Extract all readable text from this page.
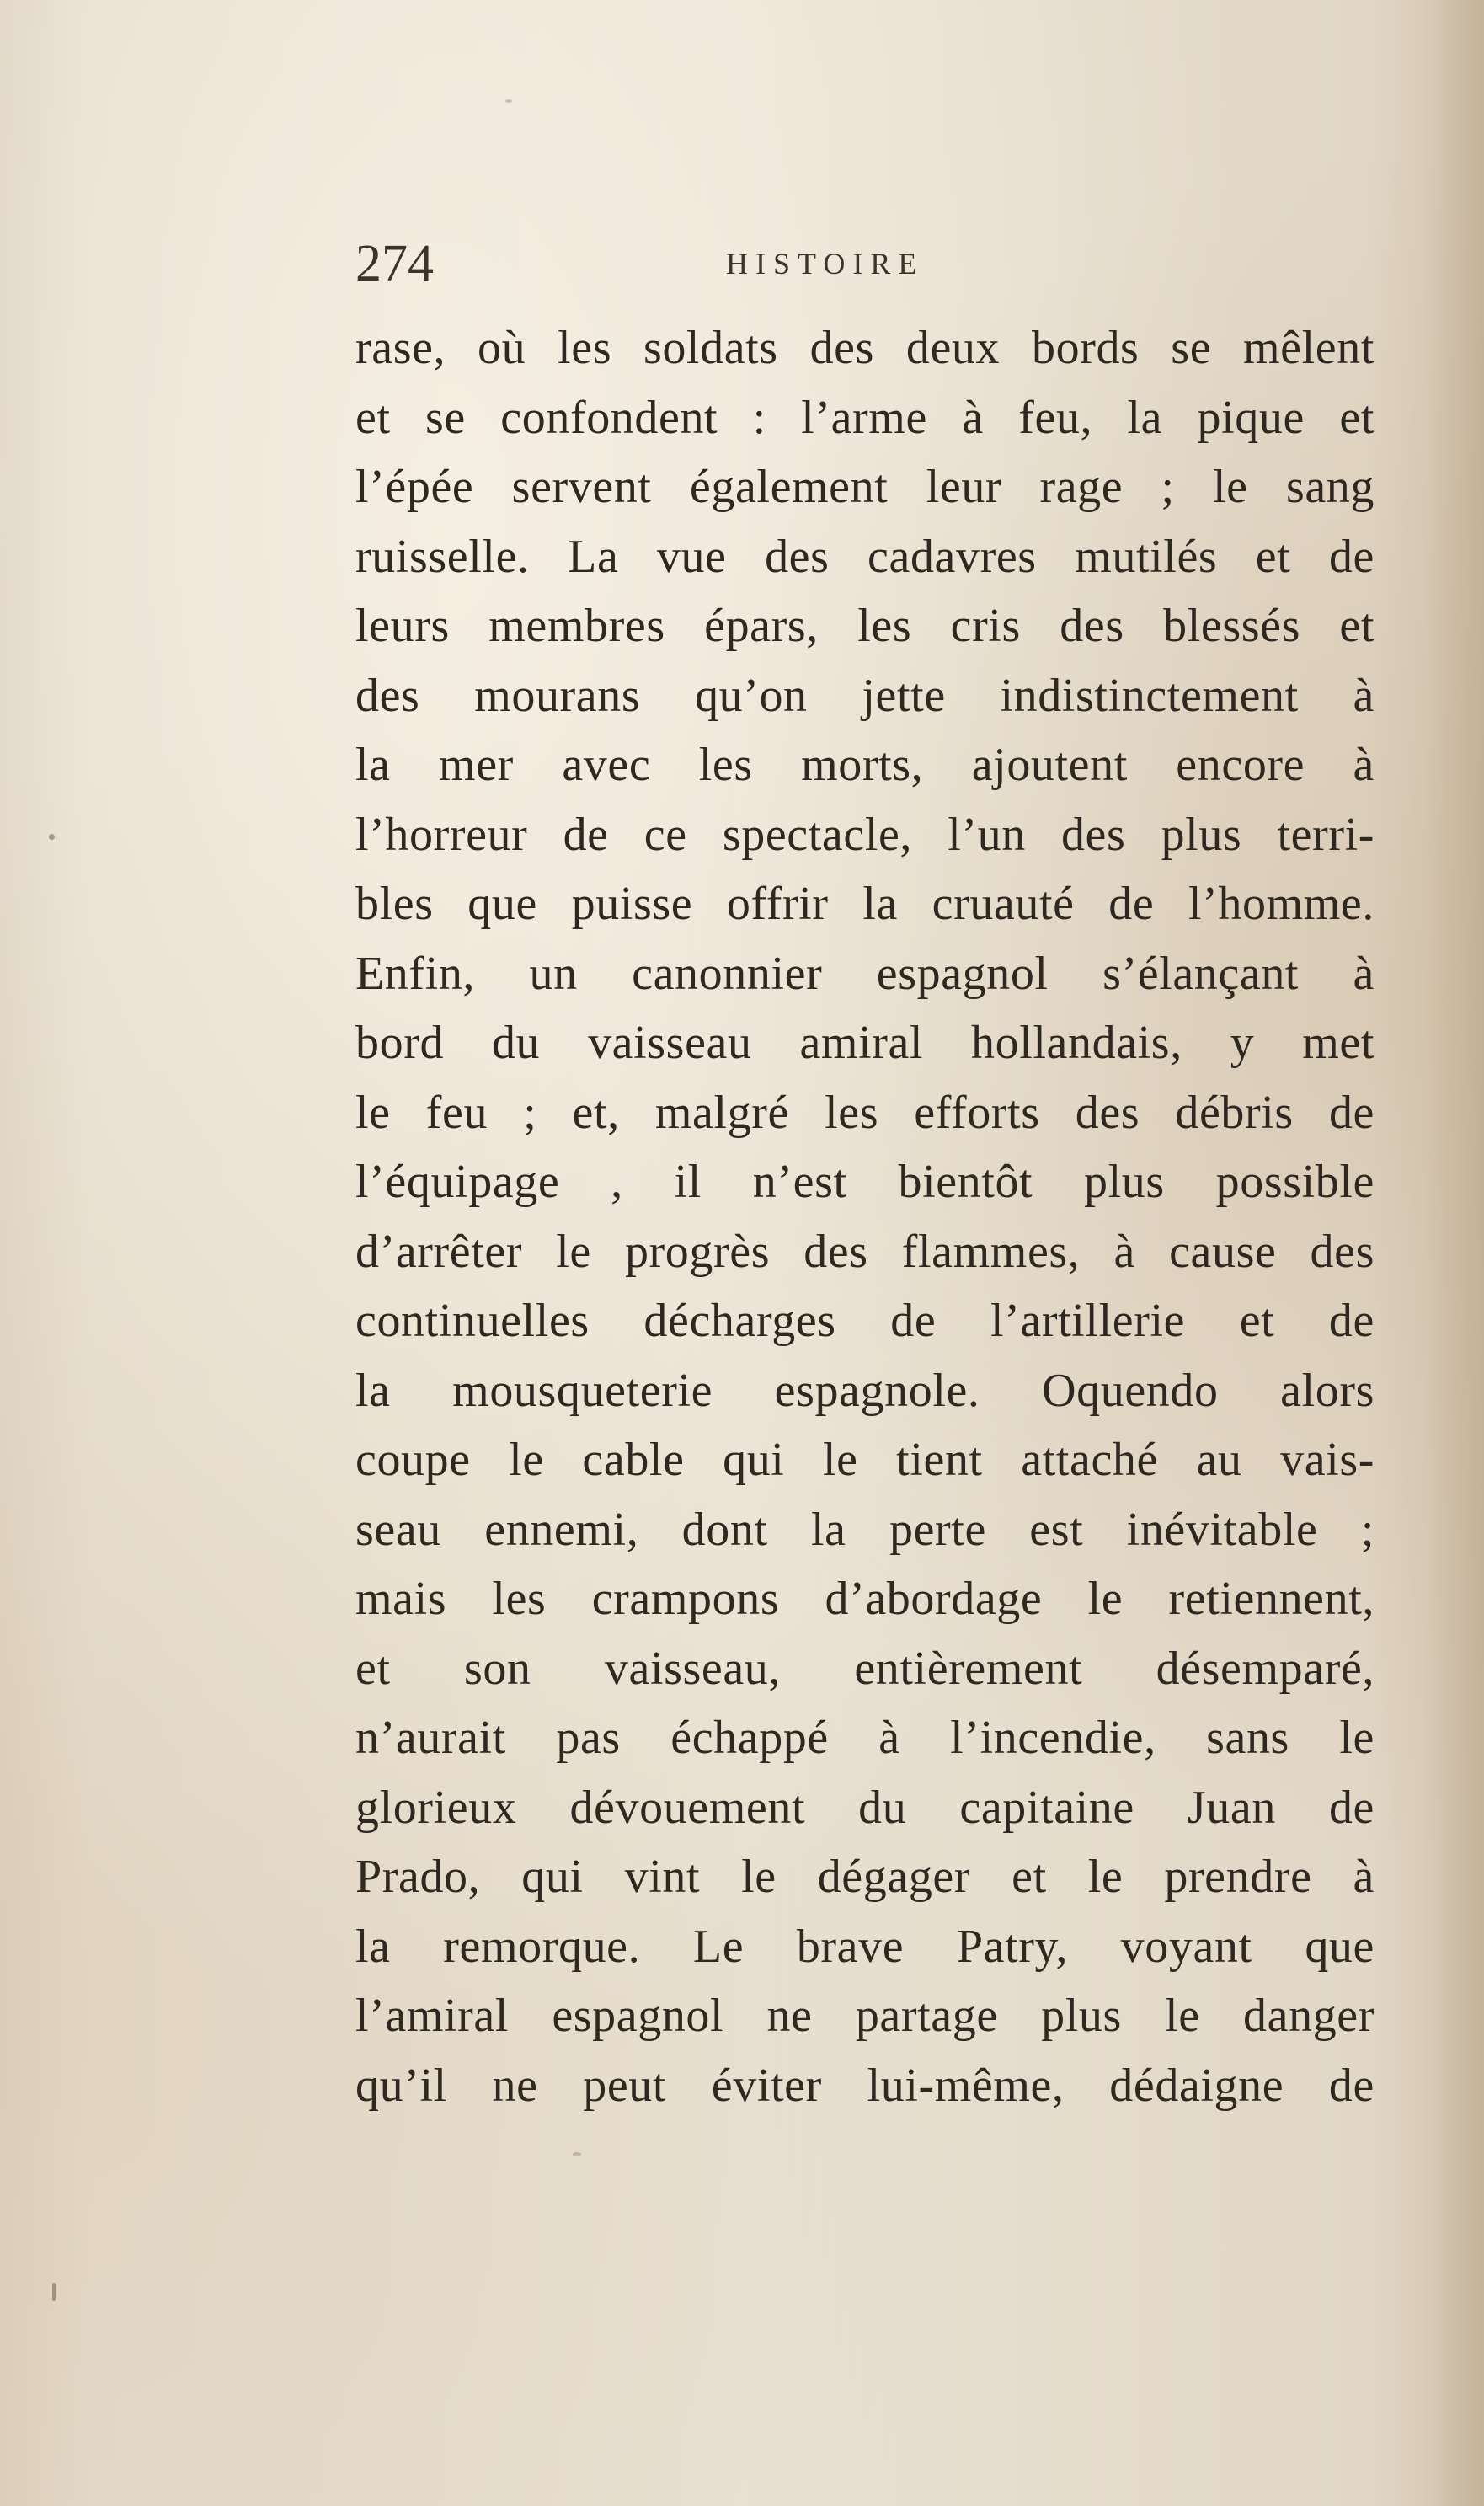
274	HISTOIRE
rase, où les soldats des deux bords se mêlent
et se confondent : l’arme à feu, la pique et
l’épée servent également leur rage ; le sang
ruisselle. La vue des cadavres mutilés et de
leurs membres épars, les cris des blessés et
des mourans qu’on jette indistinctement à
la mer avec les morts, ajoutent encore à
l’horreur de ce spectacle, l’un des plus terri-
bles que puisse offrir la cruauté de l’homme.
Enfin, un canonnier espagnol s’élançant à
bord du vaisseau amiral hollandais, y met
le feu ; et, malgré les efforts des débris de
l’équipage , il n’est bientôt plus possible
d’arrêter le progrès des flammes, à cause des
continuelles décharges de l’artillerie et de
la mousqueterie espagnole. Oquendo alors
coupe le cable qui le tient attaché au vais-
seau ennemi, dont la perte est inévitable ;
mais les crampons d’abordage le retiennent,
et son vaisseau, entièrement désemparé,
n’aurait pas échappé à l’incendie, sans le
glorieux dévouement du capitaine Juan de
Prado, qui vint le dégager et le prendre à
la remorque. Le brave Patry, voyant que
l’amiral espagnol ne partage plus le danger
qu’il ne peut éviter lui-même, dédaigne de
